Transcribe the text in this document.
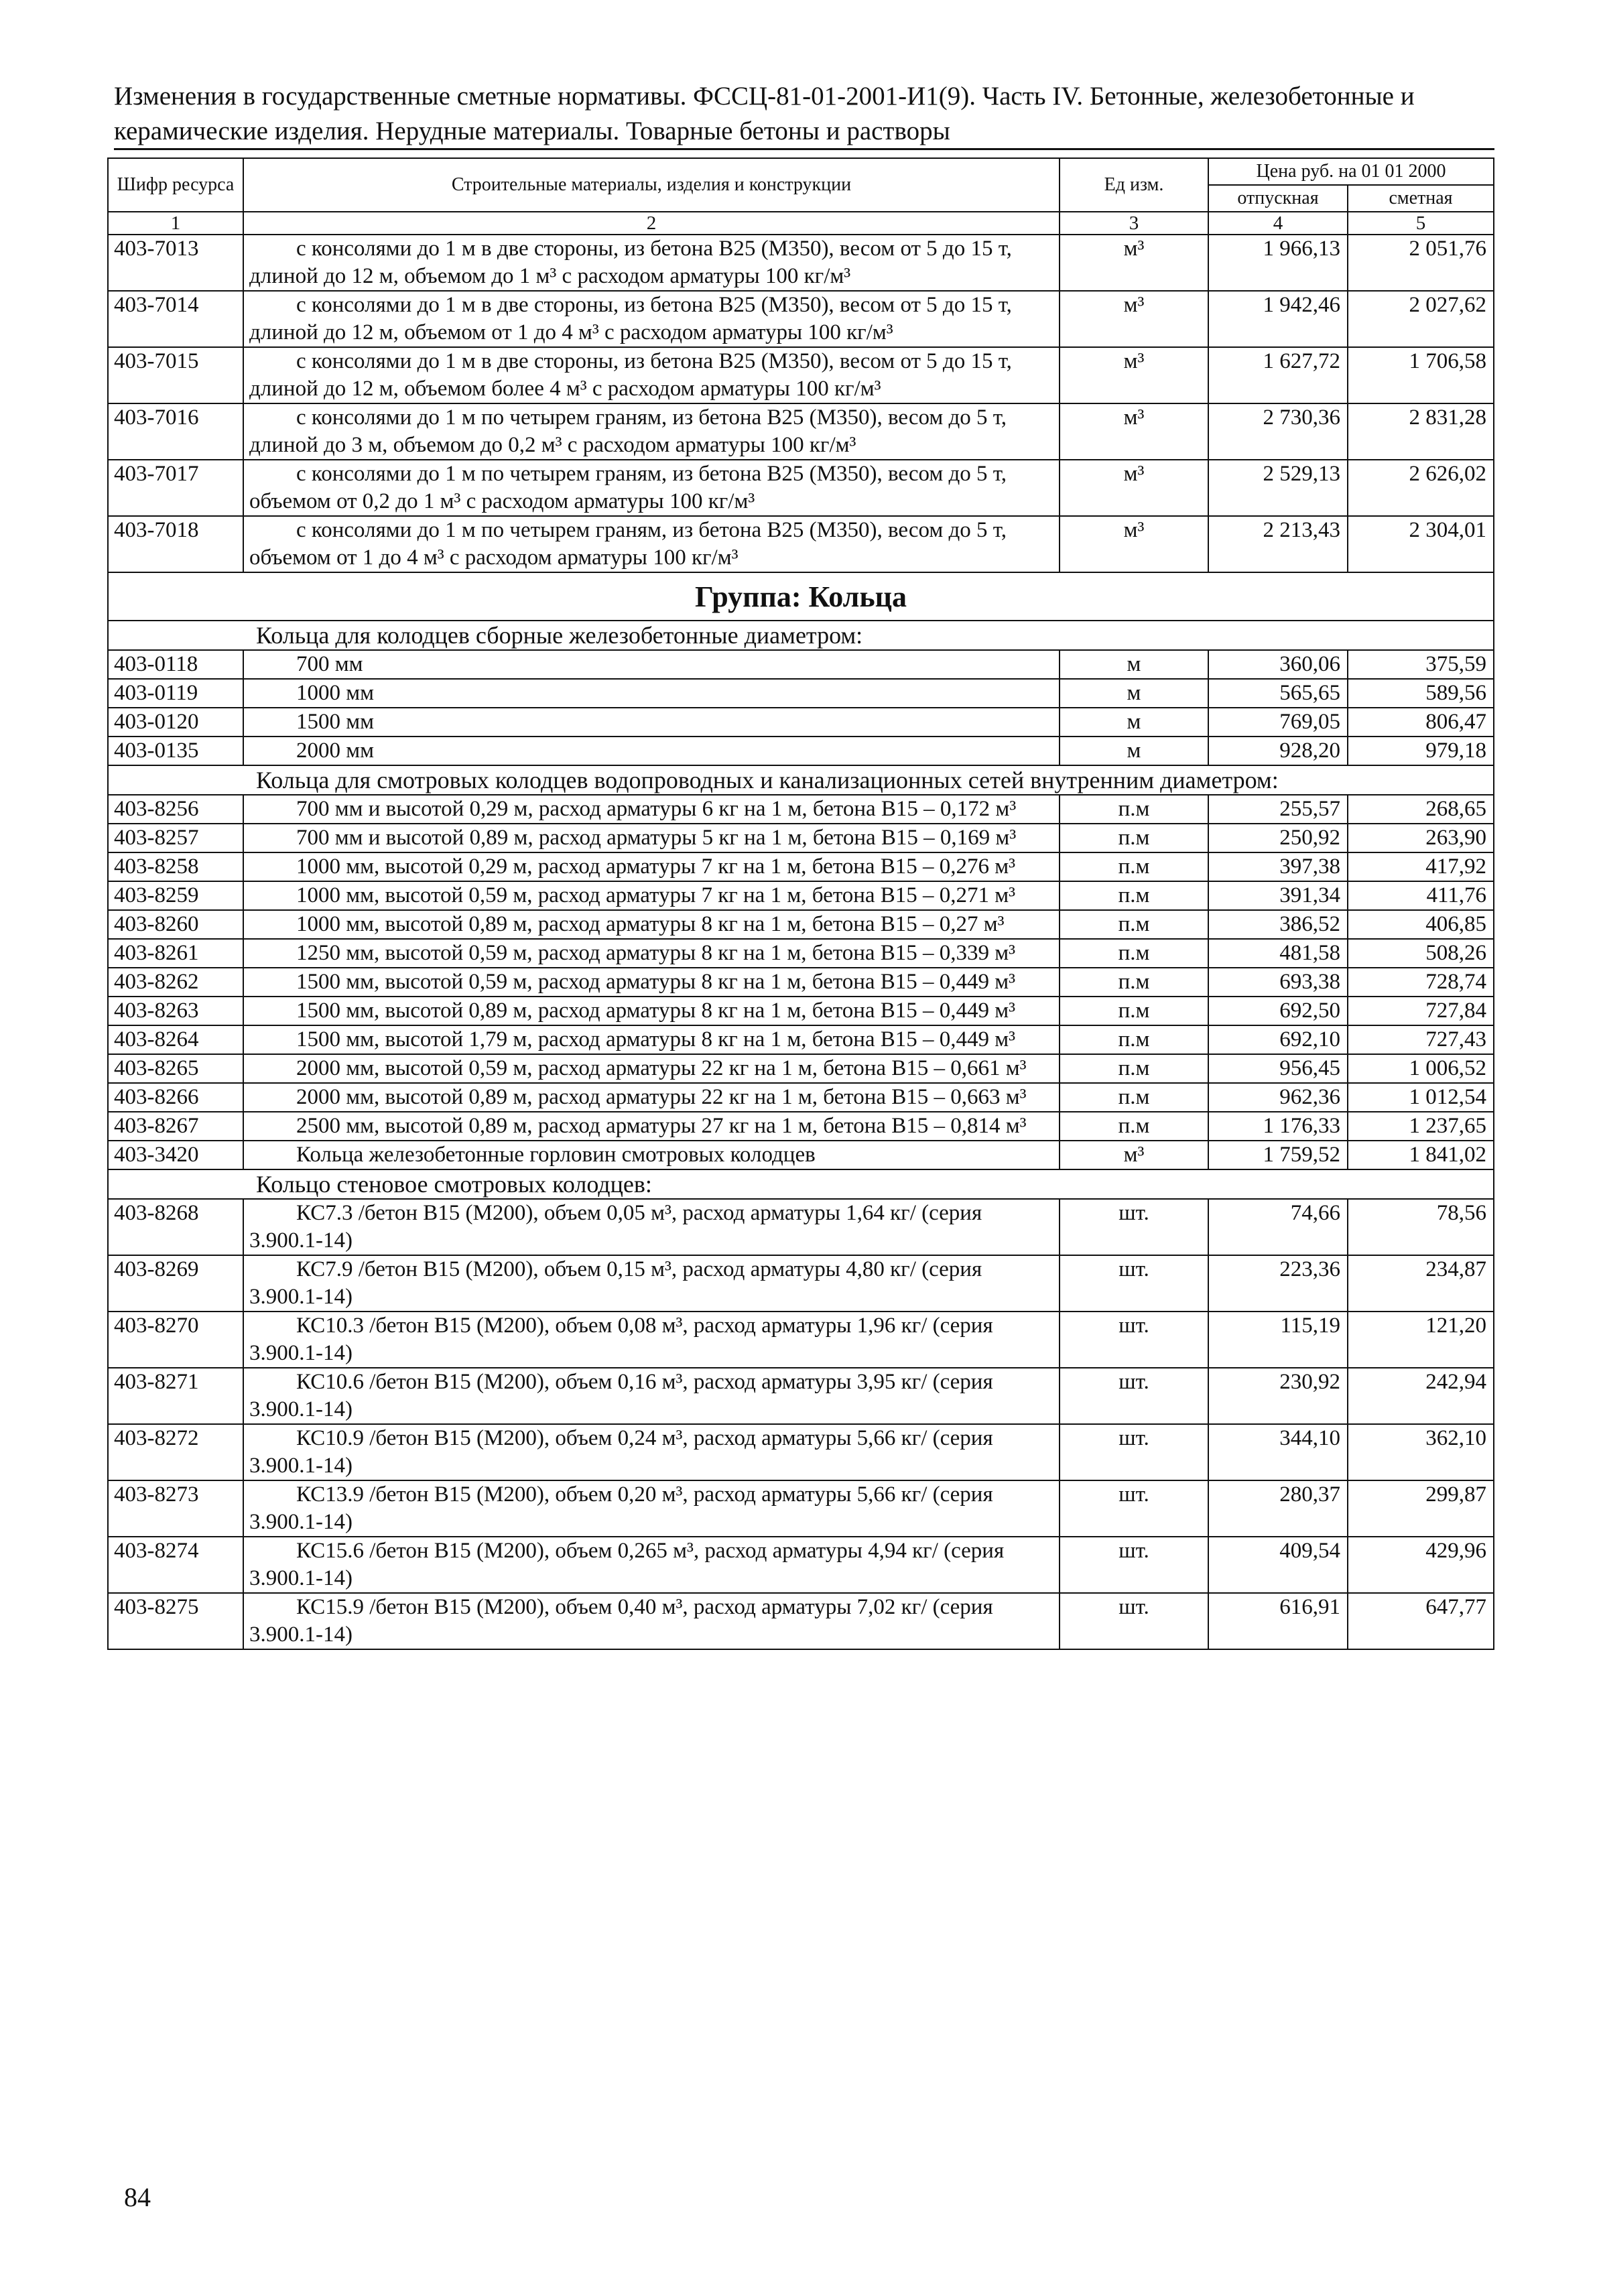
Изменения в государственные сметные нормативы. ФССЦ-81-01-2001-И1(9). Часть IV. Бетонные, железобетонные и
керамические изделия. Нерудные материалы. Товарные бетоны и растворы
Шифр ресурса	Строительные материалы, изделия и конструкции	Ед изм.	Цена руб. на 01 01 2000	
			отпускная	сметная
1	2	3	4	5
403-7013	с консолями до 1 м в две стороны, из бетона В25 (М350), весом от 5 до 15 т, длиной до 12 м, объемом до 1 м³ с расходом арматуры 100 кг/м³	м³	1 966,13	2 051,76
403-7014	с консолями до 1 м в две стороны, из бетона В25 (М350), весом от 5 до 15 т, длиной до 12 м, объемом от 1 до 4 м³ с расходом арматуры 100 кг/м³	м³	1 942,46	2 027,62
403-7015	с консолями до 1 м в две стороны, из бетона В25 (М350), весом от 5 до 15 т, длиной до 12 м, объемом более 4 м³ с расходом арматуры 100 кг/м³	м³	1 627,72	1 706,58
403-7016	с консолями до 1 м по четырем граням, из бетона В25 (М350), весом до 5 т, длиной до 3 м, объемом до 0,2 м³ с расходом арматуры 100 кг/м³	м³	2 730,36	2 831,28
403-7017	с консолями до 1 м по четырем граням, из бетона В25 (М350), весом до 5 т, объемом от 0,2 до 1 м³ с расходом арматуры 100 кг/м³	м³	2 529,13	2 626,02
403-7018	с консолями до 1 м по четырем граням, из бетона В25 (М350), весом до 5 т, объемом от 1 до 4 м³ с расходом арматуры 100 кг/м³	м³	2 213,43	2 304,01
Группа: Кольца				
Кольца для колодцев сборные железобетонные диаметром:				
403-0118	700 мм	м	360,06	375,59
403-0119	1000 мм	м	565,65	589,56
403-0120	1500 мм	м	769,05	806,47
403-0135	2000 мм	м	928,20	979,18
Кольца для смотровых колодцев водопроводных и канализационных сетей внутренним диаметром:				
403-8256	700 мм и высотой 0,29 м, расход арматуры 6 кг на 1 м, бетона В15 – 0,172 м³	п.м	255,57	268,65
403-8257	700 мм и высотой 0,89 м, расход арматуры 5 кг на 1 м, бетона В15 – 0,169 м³	п.м	250,92	263,90
403-8258	1000 мм, высотой 0,29 м, расход арматуры 7 кг на 1 м, бетона В15 – 0,276 м³	п.м	397,38	417,92
403-8259	1000 мм, высотой 0,59 м, расход арматуры 7 кг на 1 м, бетона В15 – 0,271 м³	п.м	391,34	411,76
403-8260	1000 мм, высотой 0,89 м, расход арматуры 8 кг на 1 м, бетона В15 – 0,27 м³	п.м	386,52	406,85
403-8261	1250 мм, высотой 0,59 м, расход арматуры 8 кг на 1 м, бетона В15 – 0,339 м³	п.м	481,58	508,26
403-8262	1500 мм, высотой 0,59 м, расход арматуры 8 кг на 1 м, бетона В15 – 0,449 м³	п.м	693,38	728,74
403-8263	1500 мм, высотой 0,89 м, расход арматуры 8 кг на 1 м, бетона В15 – 0,449 м³	п.м	692,50	727,84
403-8264	1500 мм, высотой 1,79 м, расход арматуры 8 кг на 1 м, бетона В15 – 0,449 м³	п.м	692,10	727,43
403-8265	2000 мм, высотой 0,59 м, расход арматуры 22 кг на 1 м, бетона В15 – 0,661 м³	п.м	956,45	1 006,52
403-8266	2000 мм, высотой 0,89 м, расход арматуры 22 кг на 1 м, бетона В15 – 0,663 м³	п.м	962,36	1 012,54
403-8267	2500 мм, высотой 0,89 м, расход арматуры 27 кг на 1 м, бетона В15 – 0,814 м³	п.м	1 176,33	1 237,65
403-3420	Кольца железобетонные горловин смотровых колодцев	м³	1 759,52	1 841,02
Кольцо стеновое смотровых колодцев:				
403-8268	КС7.3 /бетон В15 (М200), объем 0,05 м³, расход арматуры 1,64 кг/ (серия 3.900.1-14)	шт.	74,66	78,56
403-8269	КС7.9 /бетон В15 (М200), объем 0,15 м³, расход арматуры 4,80 кг/ (серия 3.900.1-14)	шт.	223,36	234,87
403-8270	КС10.3 /бетон В15 (М200), объем 0,08 м³, расход арматуры 1,96 кг/ (серия 3.900.1-14)	шт.	115,19	121,20
403-8271	КС10.6 /бетон В15 (М200), объем 0,16 м³, расход арматуры 3,95 кг/ (серия 3.900.1-14)	шт.	230,92	242,94
403-8272	КС10.9 /бетон В15 (М200), объем 0,24 м³, расход арматуры 5,66 кг/ (серия 3.900.1-14)	шт.	344,10	362,10
403-8273	КС13.9 /бетон В15 (М200), объем 0,20 м³, расход арматуры 5,66 кг/ (серия 3.900.1-14)	шт.	280,37	299,87
403-8274	КС15.6 /бетон В15 (М200), объем 0,265 м³, расход арматуры 4,94 кг/ (серия 3.900.1-14)	шт.	409,54	429,96
403-8275	КС15.9 /бетон В15 (М200), объем 0,40 м³, расход арматуры 7,02 кг/ (серия 3.900.1-14)	шт.	616,91	647,77
84
